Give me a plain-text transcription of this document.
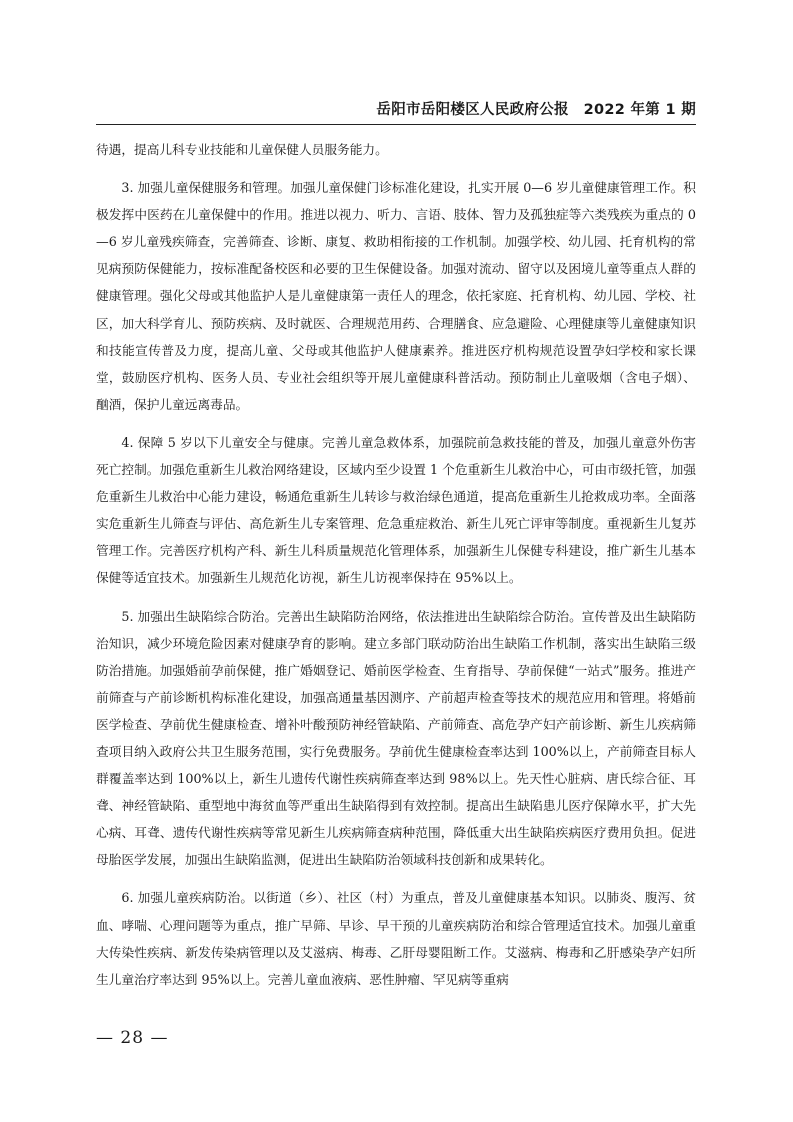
岳阳市岳阳楼区人民政府公报　2022 年第 1 期

待遇，提高儿科专业技能和儿童保健人员服务能力。

3. 加强儿童保健服务和管理。加强儿童保健门诊标准化建设，扎实开展 0—6 岁儿童健康管理工作。积极发挥中医药在儿童保健中的作用。推进以视力、听力、言语、肢体、智力及孤独症等六类残疾为重点的 0—6 岁儿童残疾筛查，完善筛查、诊断、康复、救助相衔接的工作机制。加强学校、幼儿园、托育机构的常见病预防保健能力，按标准配备校医和必要的卫生保健设备。加强对流动、留守以及困境儿童等重点人群的健康管理。强化父母或其他监护人是儿童健康第一责任人的理念，依托家庭、托育机构、幼儿园、学校、社区，加大科学育儿、预防疾病、及时就医、合理规范用药、合理膳食、应急避险、心理健康等儿童健康知识和技能宣传普及力度，提高儿童、父母或其他监护人健康素养。推进医疗机构规范设置孕妇学校和家长课堂，鼓励医疗机构、医务人员、专业社会组织等开展儿童健康科普活动。预防制止儿童吸烟（含电子烟）、酗酒，保护儿童远离毒品。

4. 保障 5 岁以下儿童安全与健康。完善儿童急救体系，加强院前急救技能的普及，加强儿童意外伤害死亡控制。加强危重新生儿救治网络建设，区域内至少设置 1 个危重新生儿救治中心，可由市级托管，加强危重新生儿救治中心能力建设，畅通危重新生儿转诊与救治绿色通道，提高危重新生儿抢救成功率。全面落实危重新生儿筛查与评估、高危新生儿专案管理、危急重症救治、新生儿死亡评审等制度。重视新生儿复苏管理工作。完善医疗机构产科、新生儿科质量规范化管理体系，加强新生儿保健专科建设，推广新生儿基本保健等适宜技术。加强新生儿规范化访视，新生儿访视率保持在 95%以上。

5. 加强出生缺陷综合防治。完善出生缺陷防治网络，依法推进出生缺陷综合防治。宣传普及出生缺陷防治知识，减少环境危险因素对健康孕育的影响。建立多部门联动防治出生缺陷工作机制，落实出生缺陷三级防治措施。加强婚前孕前保健，推广婚姻登记、婚前医学检查、生育指导、孕前保健“一站式”服务。推进产前筛查与产前诊断机构标准化建设，加强高通量基因测序、产前超声检查等技术的规范应用和管理。将婚前医学检查、孕前优生健康检查、增补叶酸预防神经管缺陷、产前筛查、高危孕产妇产前诊断、新生儿疾病筛查项目纳入政府公共卫生服务范围，实行免费服务。孕前优生健康检查率达到 100%以上，产前筛查目标人群覆盖率达到 100%以上，新生儿遗传代谢性疾病筛查率达到 98%以上。先天性心脏病、唐氏综合征、耳聋、神经管缺陷、重型地中海贫血等严重出生缺陷得到有效控制。提高出生缺陷患儿医疗保障水平，扩大先心病、耳聋、遗传代谢性疾病等常见新生儿疾病筛查病种范围，降低重大出生缺陷疾病医疗费用负担。促进母胎医学发展，加强出生缺陷监测，促进出生缺陷防治领域科技创新和成果转化。

6. 加强儿童疾病防治。以街道（乡）、社区（村）为重点，普及儿童健康基本知识。以肺炎、腹泻、贫血、哮喘、心理问题等为重点，推广早筛、早诊、早干预的儿童疾病防治和综合管理适宜技术。加强儿童重大传染性疾病、新发传染病管理以及艾滋病、梅毒、乙肝母婴阻断工作。艾滋病、梅毒和乙肝感染孕产妇所生儿童治疗率达到 95%以上。完善儿童血液病、恶性肿瘤、罕见病等重病

— 28 —
